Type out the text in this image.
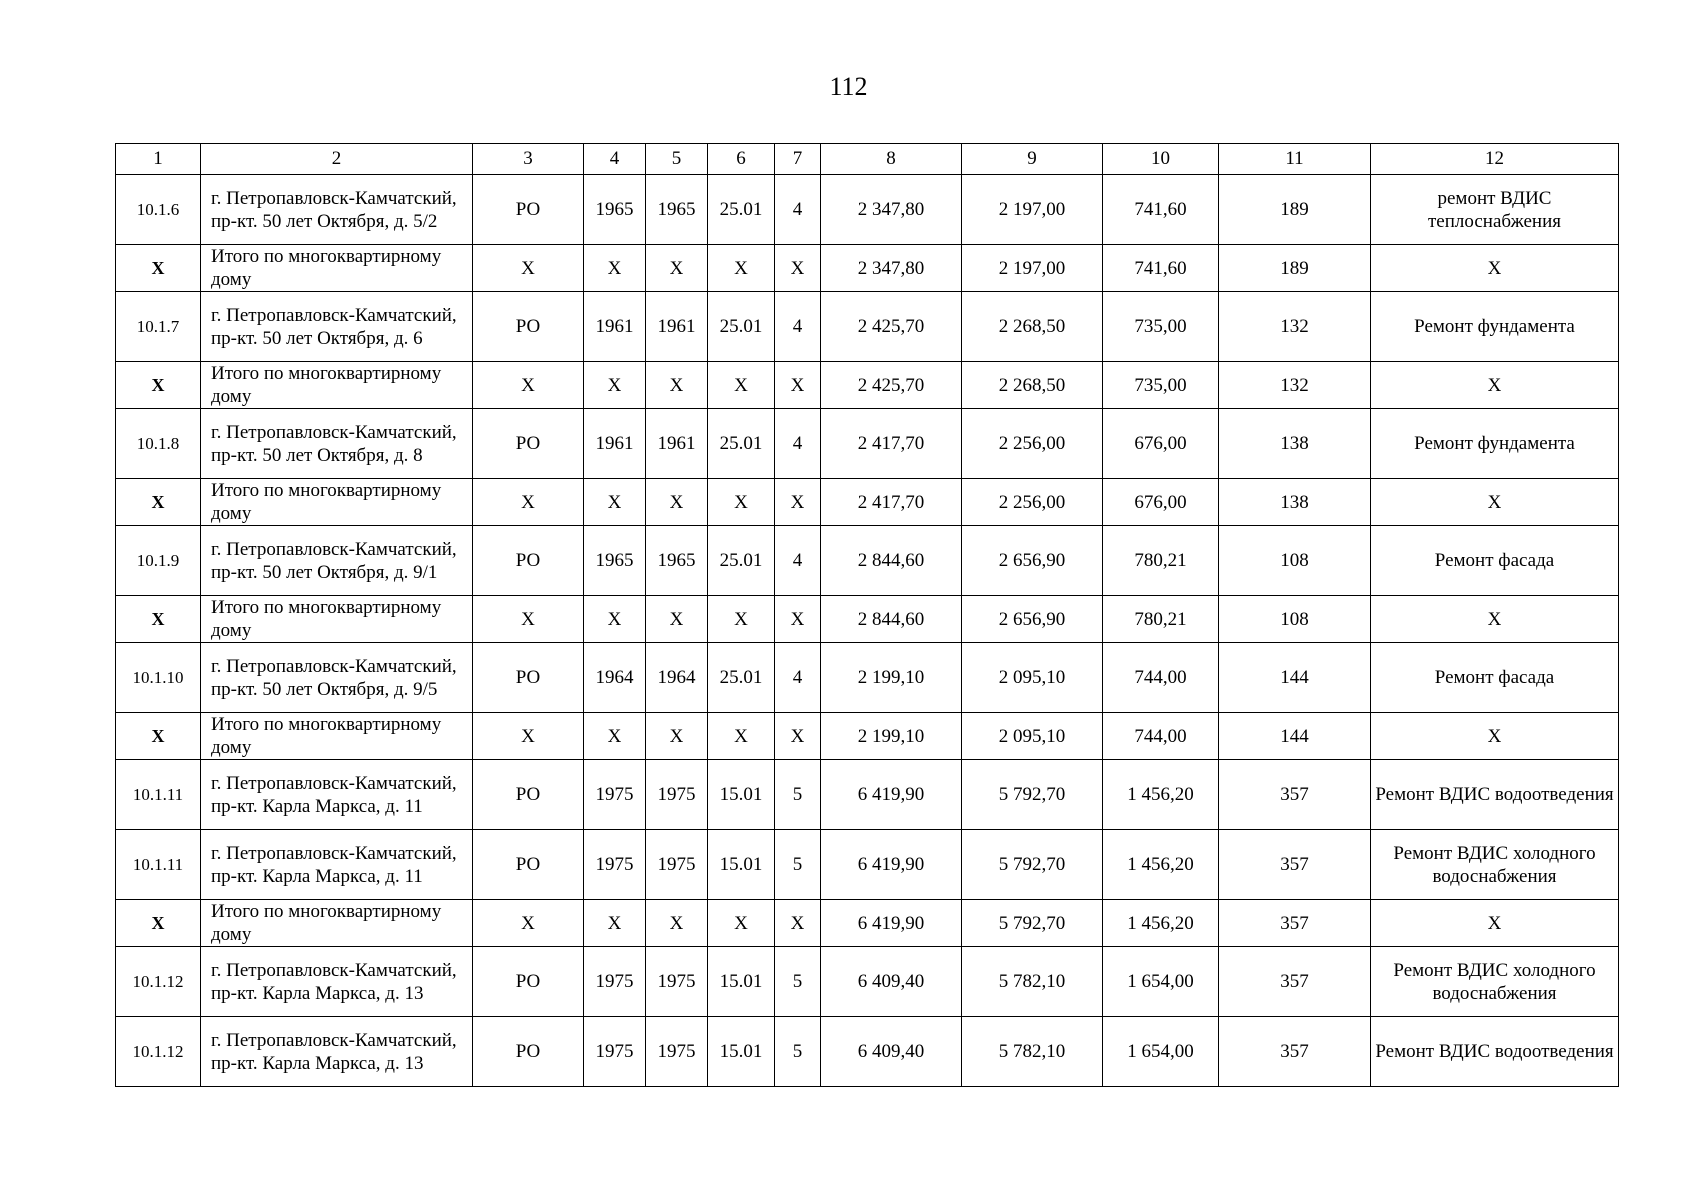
112
1	2	3	4	5	6	7	8	9	10	11	12
10.1.6	г. Петропавловск-Камчатский, пр-кт. 50 лет Октября, д. 5/2	РО	1965	1965	25.01	4	2 347,80	2 197,00	741,60	189	ремонт ВДИС теплоснабжения
Х	Итого по многоквартирному дому	Х	Х	Х	Х	Х	2 347,80	2 197,00	741,60	189	Х
10.1.7	г. Петропавловск-Камчатский, пр-кт. 50 лет Октября, д. 6	РО	1961	1961	25.01	4	2 425,70	2 268,50	735,00	132	Ремонт фундамента
Х	Итого по многоквартирному дому	Х	Х	Х	Х	Х	2 425,70	2 268,50	735,00	132	Х
10.1.8	г. Петропавловск-Камчатский, пр-кт. 50 лет Октября, д. 8	РО	1961	1961	25.01	4	2 417,70	2 256,00	676,00	138	Ремонт фундамента
Х	Итого по многоквартирному дому	Х	Х	Х	Х	Х	2 417,70	2 256,00	676,00	138	Х
10.1.9	г. Петропавловск-Камчатский, пр-кт. 50 лет Октября, д. 9/1	РО	1965	1965	25.01	4	2 844,60	2 656,90	780,21	108	Ремонт фасада
Х	Итого по многоквартирному дому	Х	Х	Х	Х	Х	2 844,60	2 656,90	780,21	108	Х
10.1.10	г. Петропавловск-Камчатский, пр-кт. 50 лет Октября, д. 9/5	РО	1964	1964	25.01	4	2 199,10	2 095,10	744,00	144	Ремонт фасада
Х	Итого по многоквартирному дому	Х	Х	Х	Х	Х	2 199,10	2 095,10	744,00	144	Х
10.1.11	г. Петропавловск-Камчатский, пр-кт. Карла Маркса, д. 11	РО	1975	1975	15.01	5	6 419,90	5 792,70	1 456,20	357	Ремонт ВДИС водоотведения
10.1.11	г. Петропавловск-Камчатский, пр-кт. Карла Маркса, д. 11	РО	1975	1975	15.01	5	6 419,90	5 792,70	1 456,20	357	Ремонт ВДИС холодного водоснабжения
Х	Итого по многоквартирному дому	Х	Х	Х	Х	Х	6 419,90	5 792,70	1 456,20	357	Х
10.1.12	г. Петропавловск-Камчатский, пр-кт. Карла Маркса, д. 13	РО	1975	1975	15.01	5	6 409,40	5 782,10	1 654,00	357	Ремонт ВДИС холодного водоснабжения
10.1.12	г. Петропавловск-Камчатский, пр-кт. Карла Маркса, д. 13	РО	1975	1975	15.01	5	6 409,40	5 782,10	1 654,00	357	Ремонт ВДИС водоотведения
